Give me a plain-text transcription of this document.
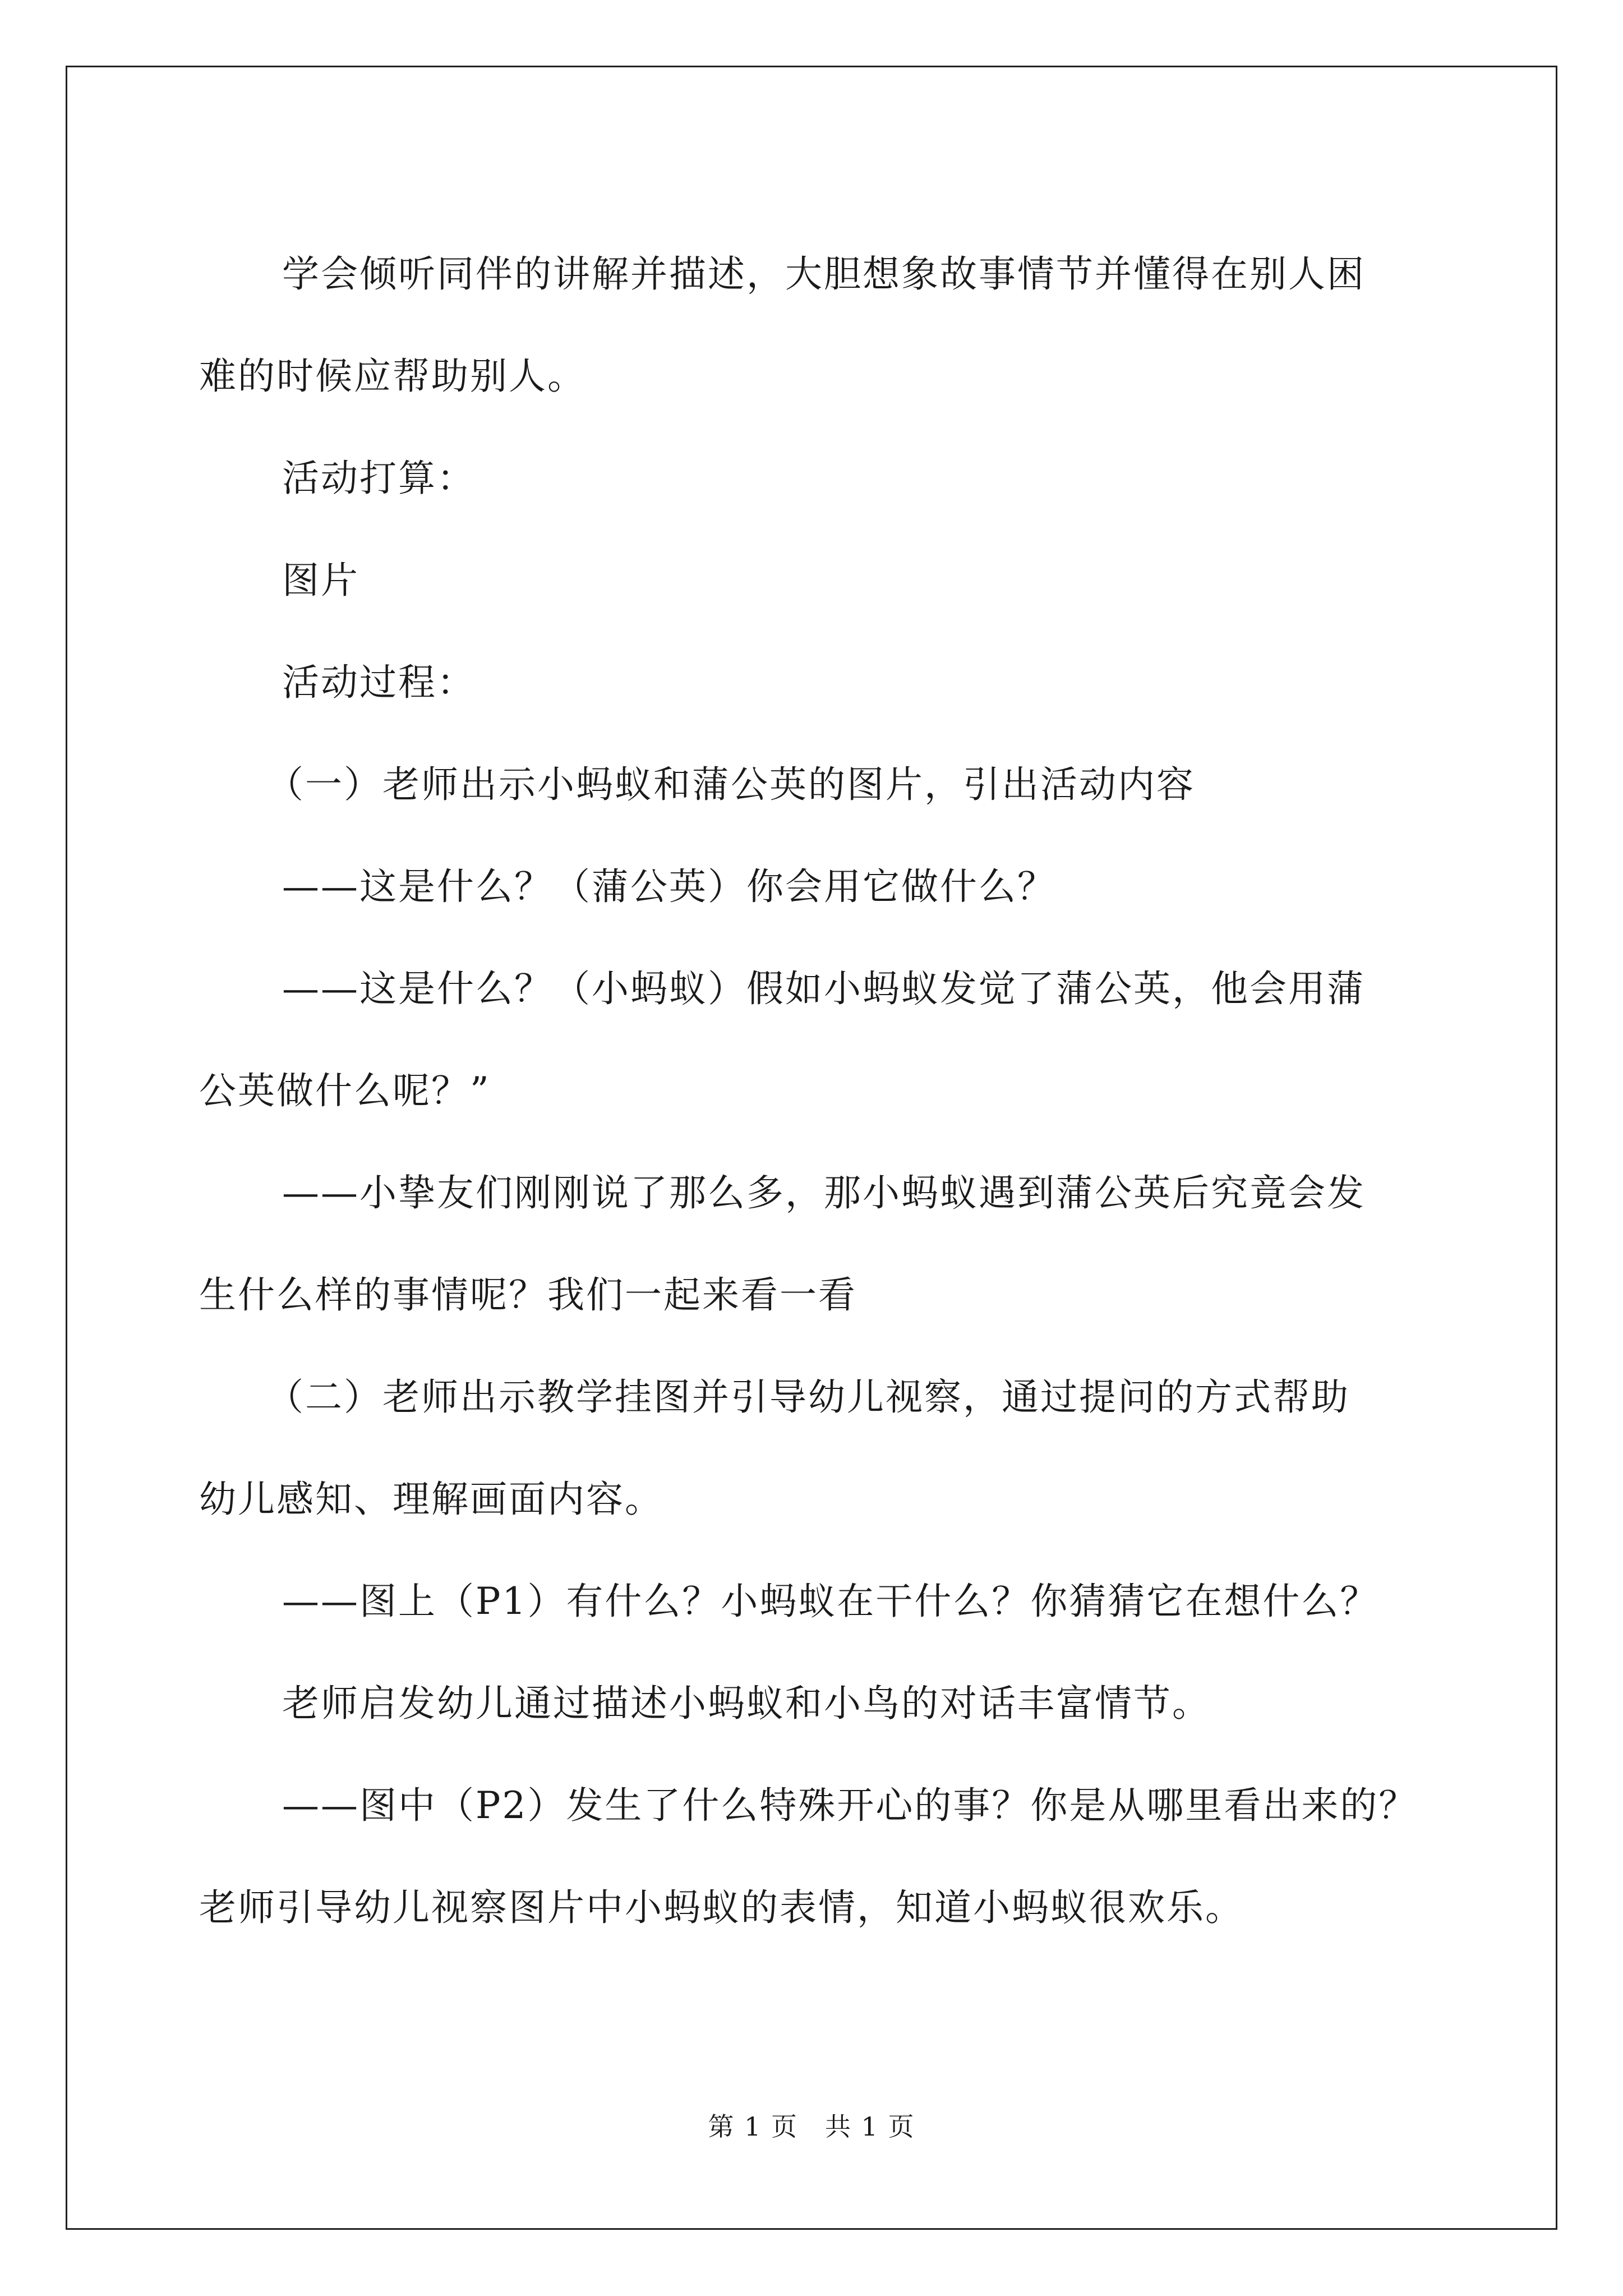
学会倾听同伴的讲解并描述，大胆想象故事情节并懂得在别人困

难的时候应帮助别人。

活动打算：

图片

活动过程：

（一）老师出示小蚂蚁和蒲公英的图片，引出活动内容

——这是什么？（蒲公英）你会用它做什么？

——这是什么？（小蚂蚁）假如小蚂蚁发觉了蒲公英，他会用蒲

公英做什么呢？”

——小挚友们刚刚说了那么多，那小蚂蚁遇到蒲公英后究竟会发

生什么样的事情呢？我们一起来看一看

（二）老师出示教学挂图并引导幼儿视察，通过提问的方式帮助

幼儿感知、理解画面内容。

——图上（P1）有什么？小蚂蚁在干什么？你猜猜它在想什么？

老师启发幼儿通过描述小蚂蚁和小鸟的对话丰富情节。

——图中（P2）发生了什么特殊开心的事？你是从哪里看出来的？

老师引导幼儿视察图片中小蚂蚁的表情，知道小蚂蚁很欢乐。

第 1 页　共 1 页
